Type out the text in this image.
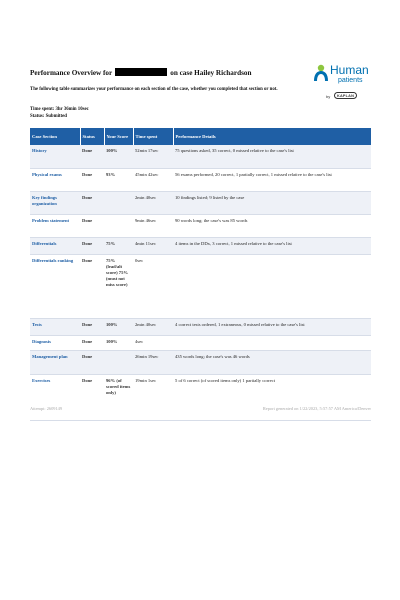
Performance Overview for	on case Hailey Richardson	Human
patients
by	KAPLAN
The following table summarizes your performance on each section of the case, whether you completed that section or not.
Time spent: 3hr 36min 10sec
Status: Submitted
Case Section	Status	Your Score	Time spent	Performance Details
History	Done	100%	52min 17sec	75 questions asked, 35 correct, 0 missed relative to the case's list
Physical exams	Done	93%	45min 42sec	56 exams performed, 20 correct, 1 partially correct, 1 missed relative to the case's list
Key findings organization	Done		2min 40sec	10 findings listed; 9 listed by the case
Problem statement	Done		9min 46sec	90 words long; the case's was 85 words
Differentials	Done	75%	4min 11sec	4 items in the DDx, 3 correct, 1 missed relative to the case's list
Differentials ranking	Done	75% (lead/alt score) 75% (must not miss score)	0sec	
Tests	Done	100%	2min 40sec	4 correct tests ordered, 1 extraneous, 0 missed relative to the case's list
Diagnosis	Done	100%	4sec	
Management plan	Done		26min 19sec	435 words long; the case's was 46 words
Exercises	Done	96% (of scored items only)	19min 1sec	5 of 6 correct (of scored items only) 1 partially correct
Attempt: 2609149	Report generated on 1/22/2023, 5:57:57 AM America/Denver
